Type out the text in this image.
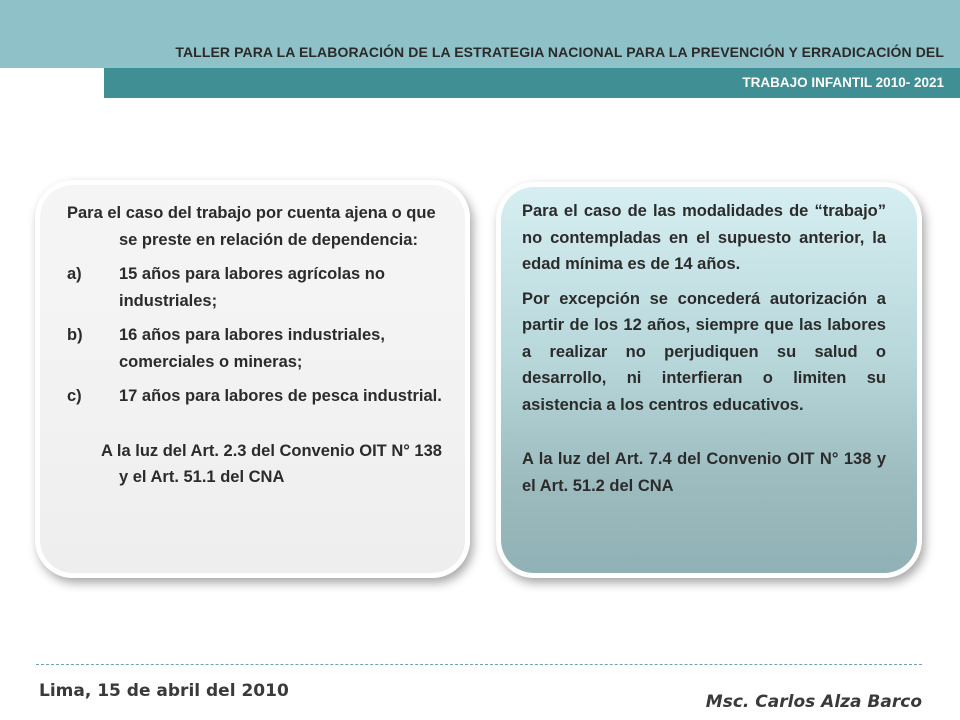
TALLER PARA LA ELABORACIÓN DE LA ESTRATEGIA NACIONAL PARA LA PREVENCIÓN Y ERRADICACIÓN DEL
TRABAJO INFANTIL 2010- 2021
Para el caso del trabajo por cuenta ajena o que se preste en relación de dependencia:
a)	15 años para labores agrícolas no industriales;
b)	16 años para labores industriales, comerciales o mineras;
c)	17 años para labores de pesca industrial.
A la luz del Art. 2.3 del Convenio OIT N° 138 y el Art. 51.1 del CNA
Para el caso de las modalidades de “trabajo” no contempladas en el supuesto anterior, la edad mínima es de 14 años.
Por excepción se concederá autorización a partir de los 12 años, siempre que las labores a realizar no perjudiquen su salud o desarrollo, ni interfieran o limiten su asistencia a los centros educativos.
A la luz del Art. 7.4 del Convenio OIT N° 138 y el Art. 51.2 del CNA
Lima, 15 de abril del 2010
Msc. Carlos Alza Barco
